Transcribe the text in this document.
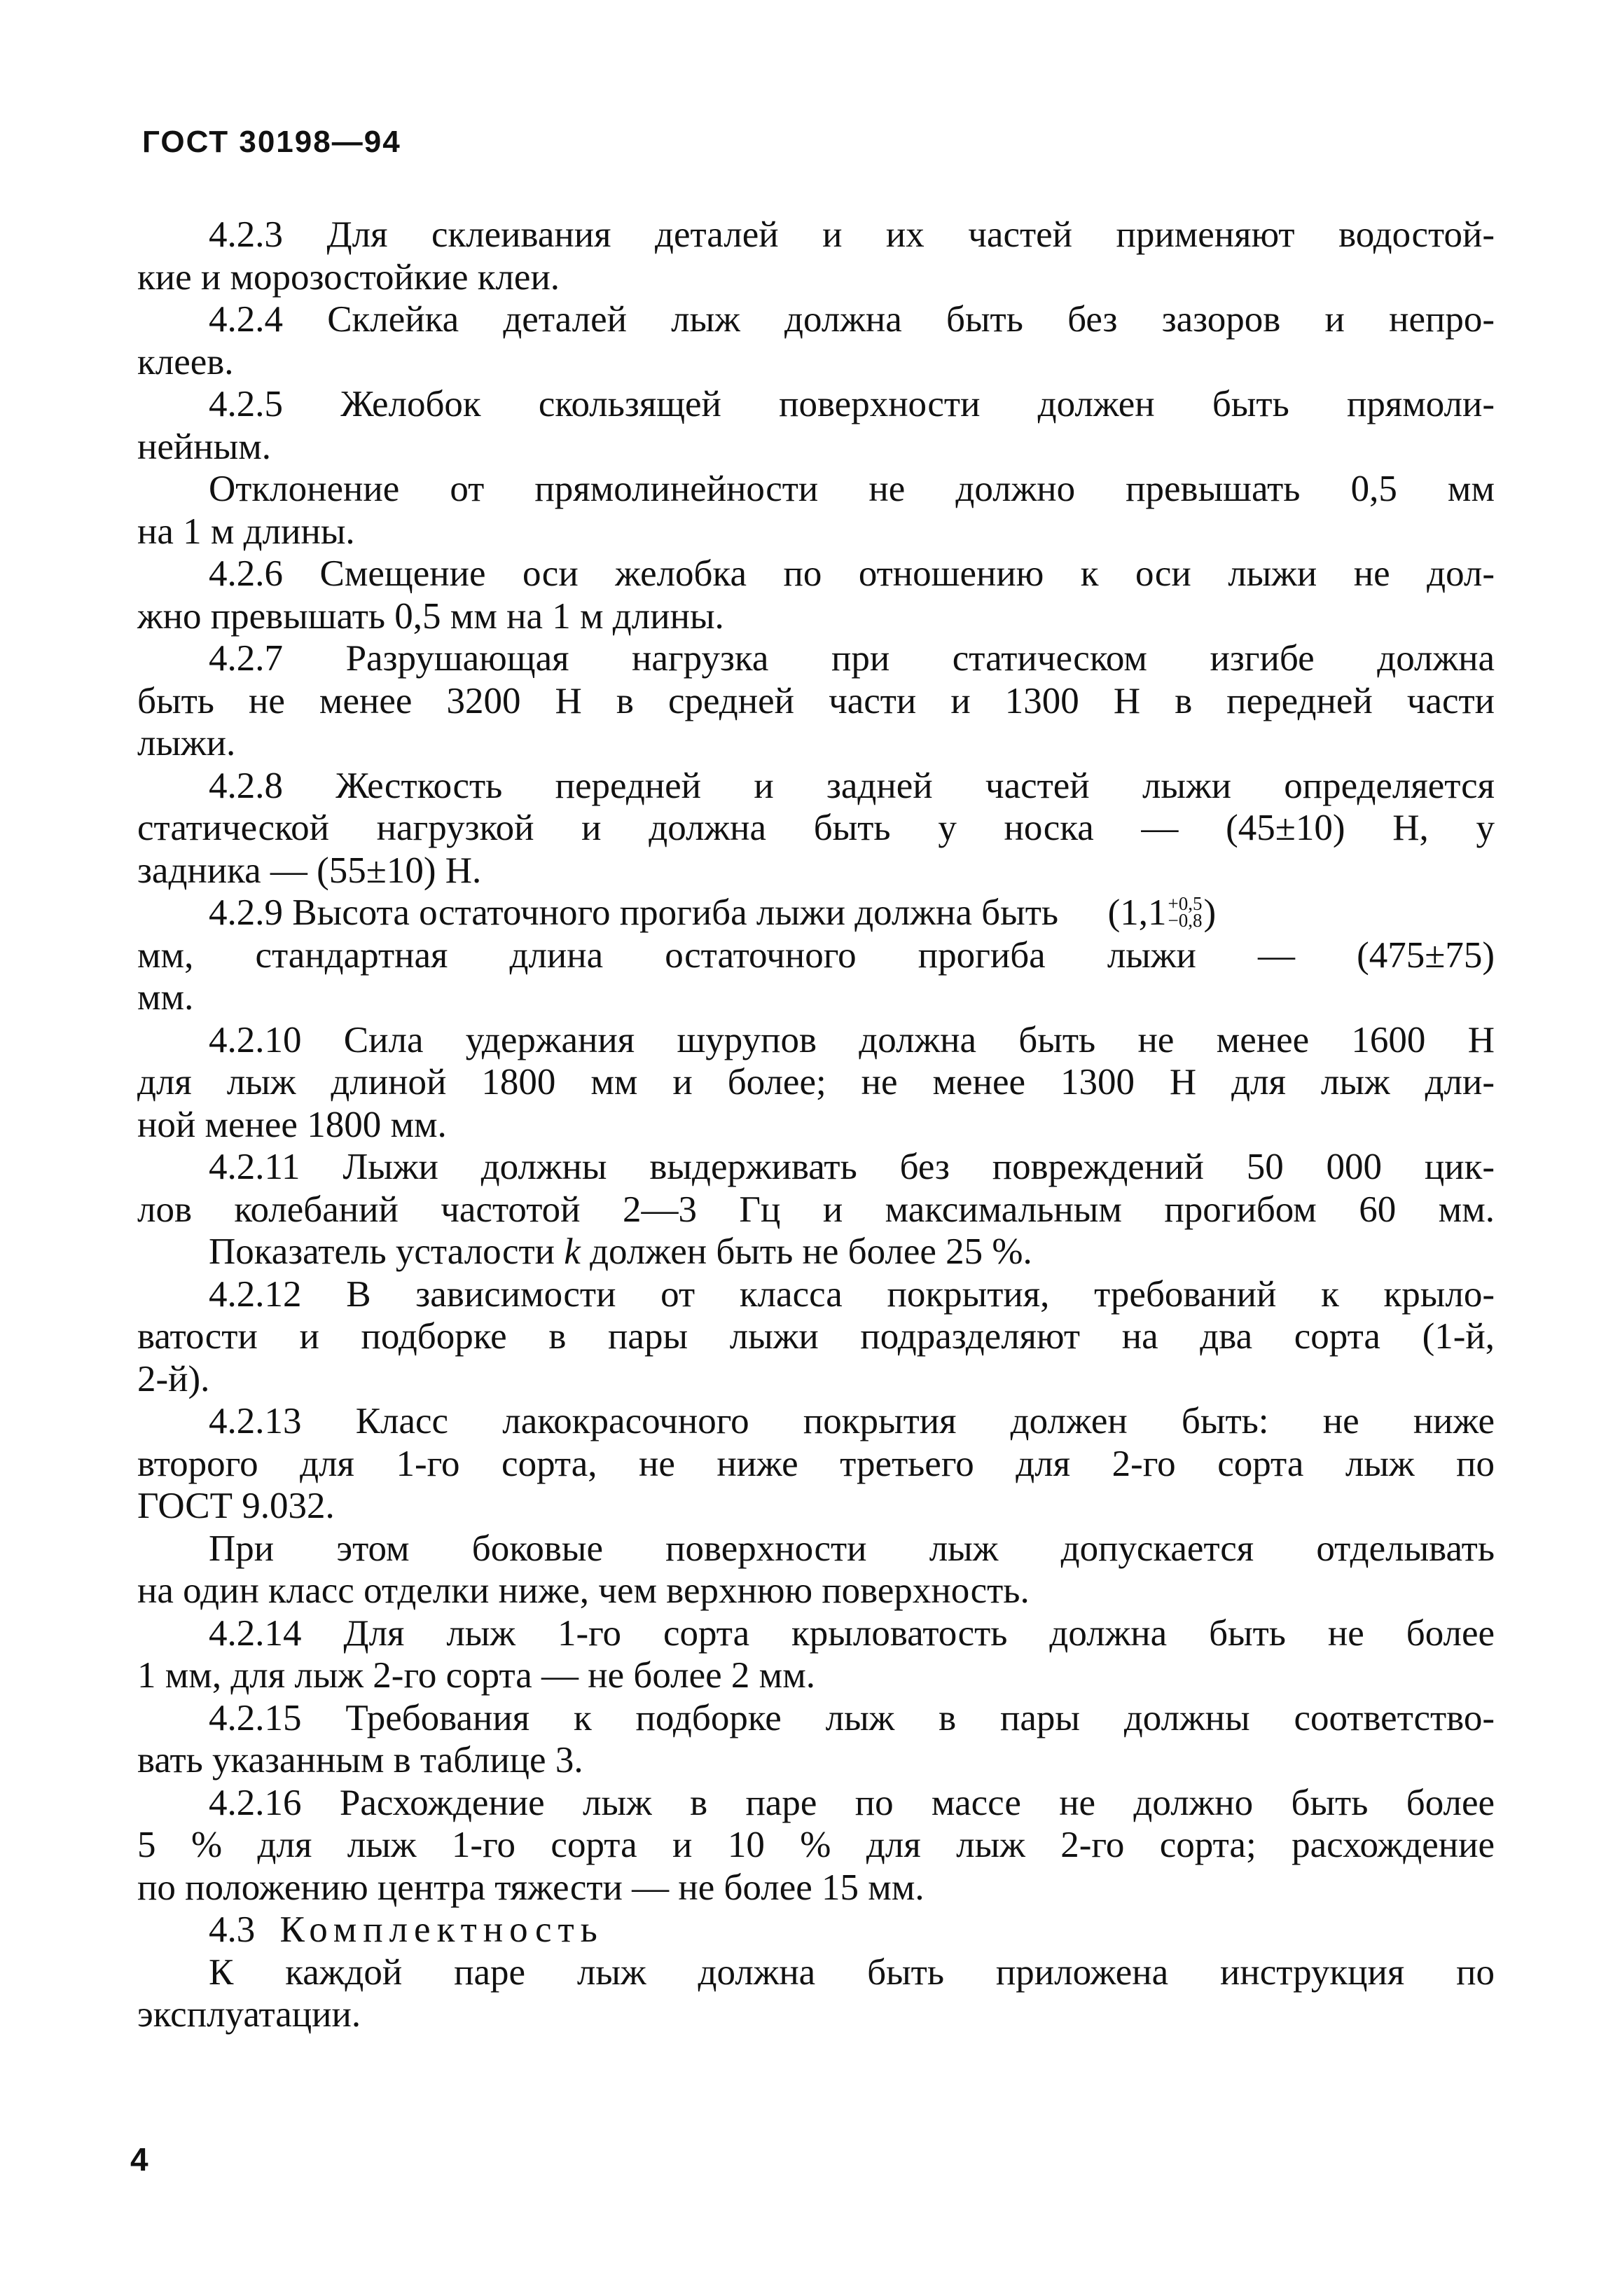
ГОСТ 30198—94
4.2.3 Для склеивания деталей и их частей применяют водостой-
кие и морозостойкие клеи.
4.2.4 Склейка деталей лыж должна быть без зазоров и непро-
клеев.
4.2.5 Желобок скользящей поверхности должен быть прямоли-
нейным.
Отклонение от прямолинейности не должно превышать 0,5 мм
на 1 м длины.
4.2.6 Смещение оси желобка по отношению к оси лыжи не дол-
жно превышать 0,5 мм на 1 м длины.
4.2.7 Разрушающая нагрузка при статическом изгибе должна
быть не менее 3200 Н в средней части и 1300 Н в передней части
лыжи.
4.2.8 Жесткость передней и задней частей лыжи определяется
статической нагрузкой и должна быть у носка — (45±10) Н, у
задника — (55±10) Н.
4.2.9 Высота остаточного прогиба лыжи должна быть (1,1 +0,5
−0,8 )
мм, стандартная длина остаточного прогиба лыжи — (475±75)
мм.
4.2.10 Сила удержания шурупов должна быть не менее 1600 Н
для лыж длиной 1800 мм и более; не менее 1300 Н для лыж дли-
ной менее 1800 мм.
4.2.11 Лыжи должны выдерживать без повреждений 50 000 цик-
лов колебаний частотой 2—3 Гц и максимальным прогибом 60 мм.
Показатель усталости k должен быть не более 25 %.
4.2.12 В зависимости от класса покрытия, требований к крыло-
ватости и подборке в пары лыжи подразделяют на два сорта (1-й,
2-й).
4.2.13 Класс лакокрасочного покрытия должен быть: не ниже
второго для 1-го сорта, не ниже третьего для 2-го сорта лыж по
ГОСТ 9.032.
При этом боковые поверхности лыж допускается отделывать
на один класс отделки ниже, чем верхнюю поверхность.
4.2.14 Для лыж 1-го сорта крыловатость должна быть не более
1 мм, для лыж 2-го сорта — не более 2 мм.
4.2.15 Требования к подборке лыж в пары должны соответство-
вать указанным в таблице 3.
4.2.16 Расхождение лыж в паре по массе не должно быть более
5 % для лыж 1-го сорта и 10 % для лыж 2-го сорта; расхождение
по положению центра тяжести — не более 15 мм.
4.3 Комплектность
К каждой паре лыж должна быть приложена инструкция по
эксплуатации.
4
